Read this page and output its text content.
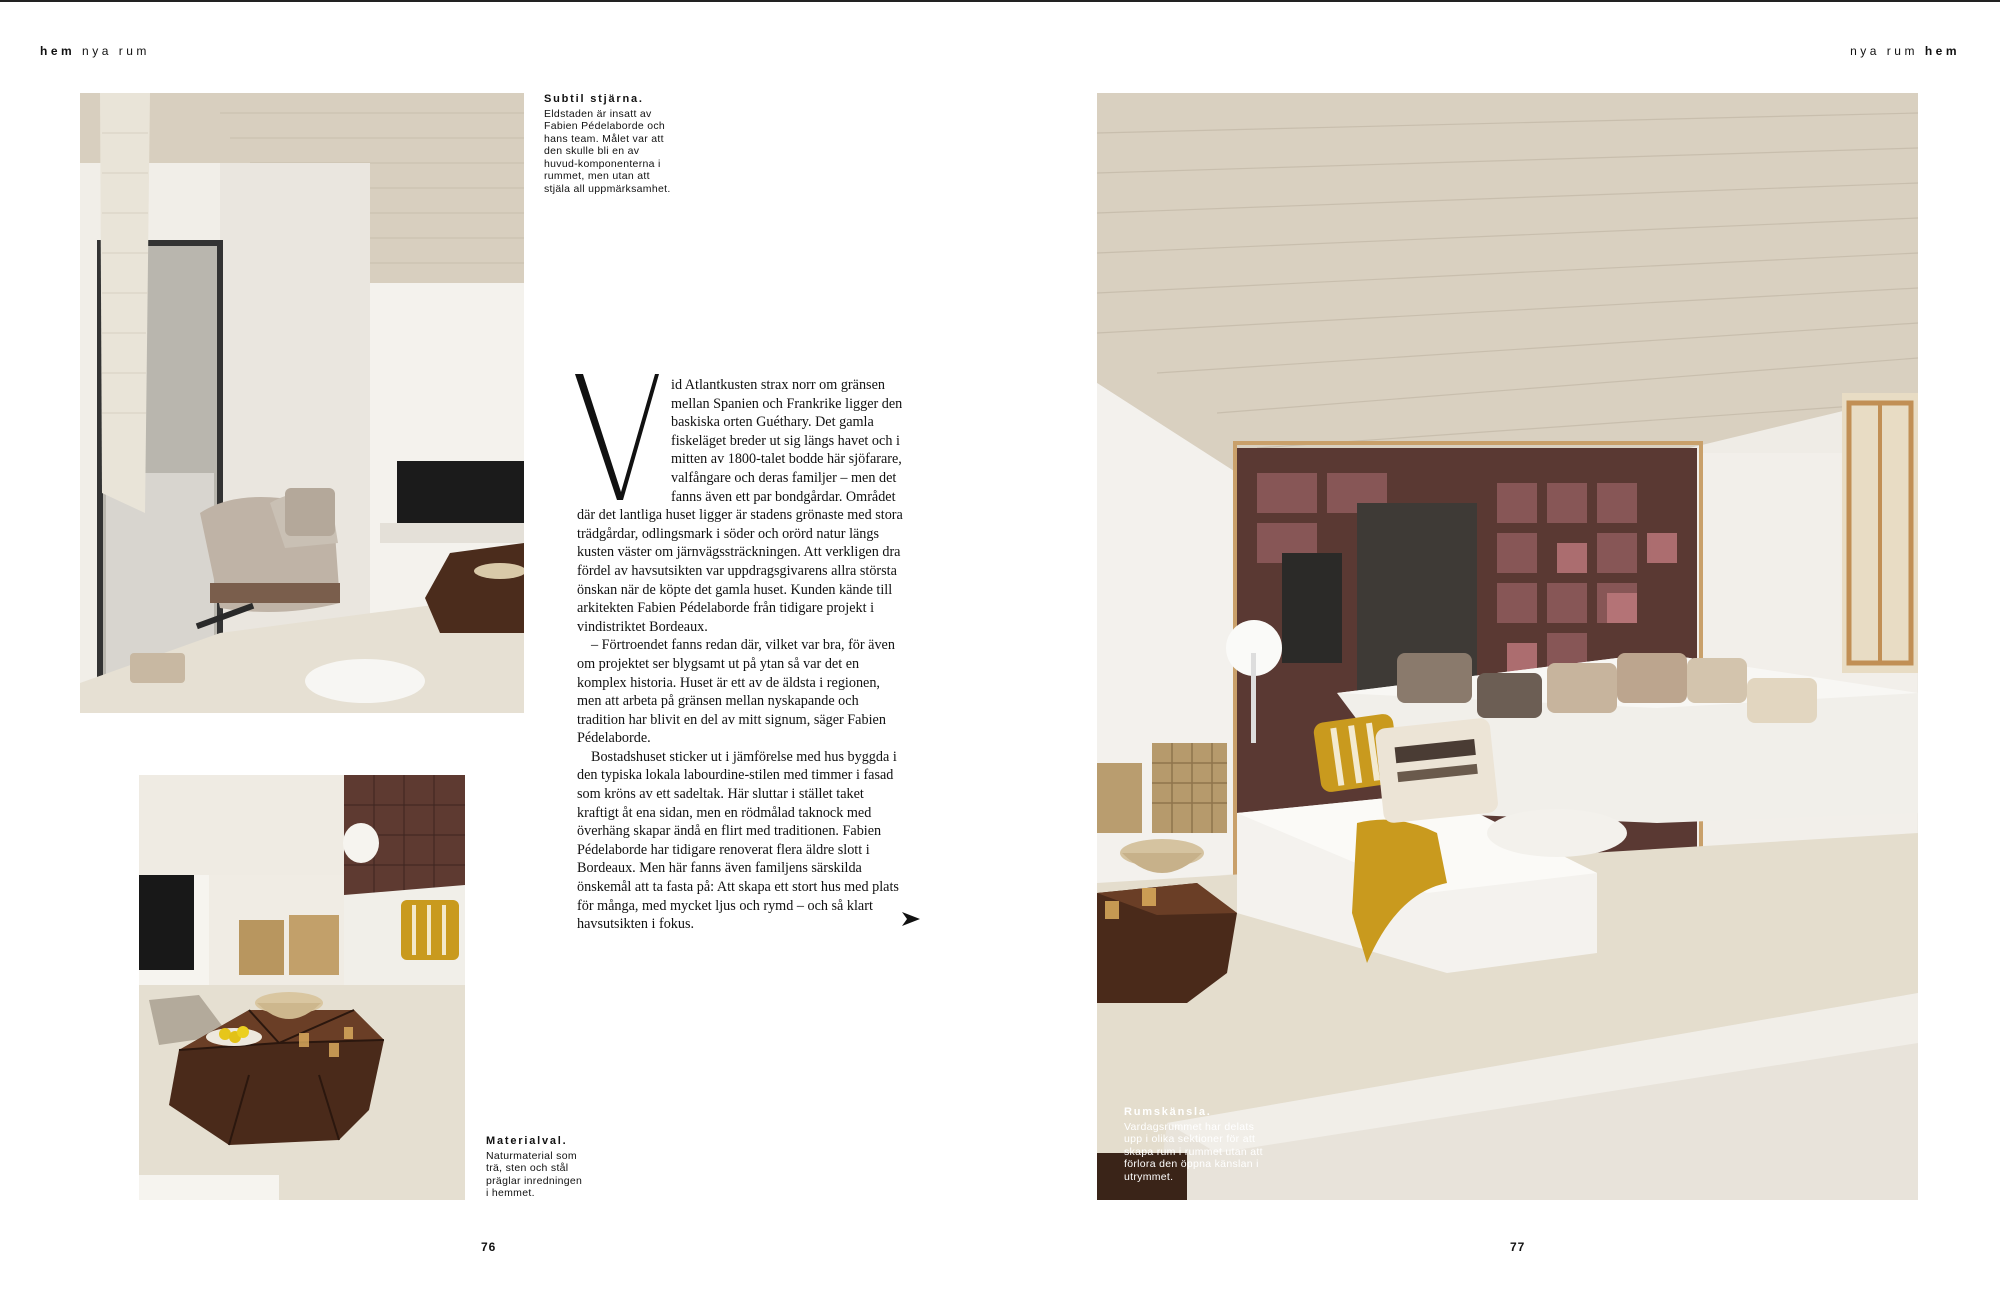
hem nya rum	nya rum hem
Subtil stjärna.
Eldstaden är insatt av Fabien Pédelaborde och hans team. Målet var att den skulle bli en av huvud-komponenterna i rummet, men utan att stjäla all uppmärksamhet.
Materialval.
Naturmaterial som trä, sten och stål präglar inredningen i hemmet.

id Atlantkusten strax norr om gränsen mellan Spanien och Frankrike ligger den baskiska orten Guéthary. Det gamla fiskeläget breder ut sig längs havet och i mitten av 1800-talet bodde här sjöfarare, valfångare och deras familjer – men det fanns även ett par bondgårdar. Området där det lantliga huset ligger är stadens grönaste med stora trädgårdar, odlingsmark i söder och orörd natur längs kusten väster om järnvägssträckningen. Att verkligen dra fördel av havsutsikten var uppdragsgivarens allra största önskan när de köpte det gamla huset. Kunden kände till arkitekten Fabien Pédelaborde från tidigare projekt i vindistriktet Bordeaux.

– Förtroendet fanns redan där, vilket var bra, för även om projektet ser blygsamt ut på ytan så var det en komplex historia. Huset är ett av de äldsta i regionen, men att arbeta på gränsen mellan nyskapande och tradition har blivit en del av mitt signum, säger Fabien Pédelaborde.

Bostadshuset sticker ut i jämförelse med hus byggda i den typiska lokala labourdine-stilen med timmer i fasad som kröns av ett sadeltak. Här sluttar i stället taket kraftigt åt ena sidan, men en rödmålad taknock med överhäng skapar ändå en flirt med traditionen. Fabien Pédelaborde har tidigare renoverat flera äldre slott i Bordeaux. Men här fanns även familjens särskilda önskemål att ta fasta på: Att skapa ett stort hus med plats för många, med mycket ljus och rymd – och så klart havsutsikten i fokus.

Rumskänsla.
Vardagsrummet har delats upp i olika sektioner för att skapa rum i rummet utan att förlora den öppna känslan i utrymmet.
76	77
